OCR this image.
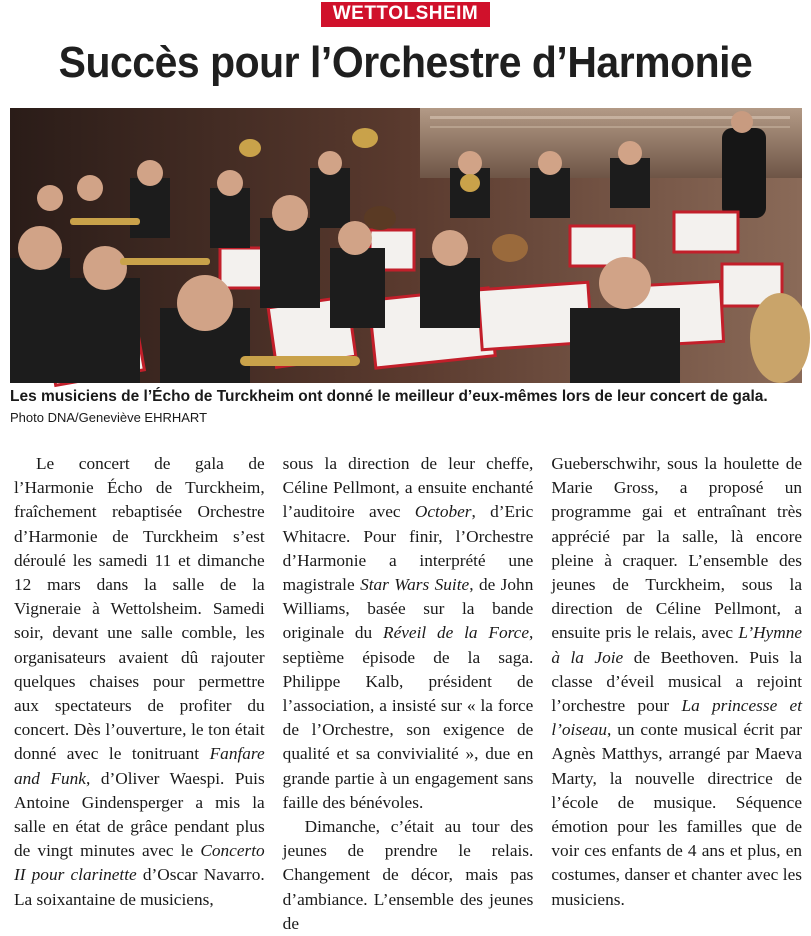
WETTOLSHEIM
Succès pour l’Orchestre d’Harmonie
Les musiciens de l’Écho de Turckheim ont donné le meilleur d’eux-mêmes lors de leur concert de gala. Photo DNA/Geneviève EHRHART

Le concert de gala de l’Harmonie Écho de Turckheim, fraîchement rebaptisée Orchestre d’Harmonie de Turckheim s’est déroulé les samedi 11 et dimanche 12 mars dans la salle de la Vigneraie à Wettolsheim. Samedi soir, devant une salle comble, les organisateurs avaient dû rajouter quelques chaises pour permettre aux spectateurs de profiter du concert. Dès l’ouverture, le ton était donné avec le tonitruant Fanfare and Funk, d’Oliver Waespi. Puis Antoine Gindensperger a mis la salle en état de grâce pendant plus de vingt minutes avec le Concerto II pour clarinette d’Oscar Navarro. La soixantaine de musiciens,

sous la direction de leur cheffe, Céline Pellmont, a ensuite enchanté l’auditoire avec October, d’Eric Whitacre. Pour finir, l’Orchestre d’Harmonie a interprété une magistrale Star Wars Suite, de John Williams, basée sur la bande originale du Réveil de la Force, septième épisode de la saga. Philippe Kalb, président de l’association, a insisté sur « la force de l’Orchestre, son exigence de qualité et sa convivialité », due en grande partie à un engagement sans faille des bénévoles.

Dimanche, c’était au tour des jeunes de prendre le relais. Changement de décor, mais pas d’ambiance. L’ensemble des jeunes de

Gueberschwihr, sous la houlette de Marie Gross, a proposé un programme gai et entraînant très apprécié par la salle, là encore pleine à craquer. L’ensemble des jeunes de Turckheim, sous la direction de Céline Pellmont, a ensuite pris le relais, avec L’Hymne à la Joie de Beethoven. Puis la classe d’éveil musical a rejoint l’orchestre pour La princesse et l’oiseau, un conte musical écrit par Agnès Matthys, arrangé par Maeva Marty, la nouvelle directrice de l’école de musique. Séquence émotion pour les familles que de voir ces enfants de 4 ans et plus, en costumes, danser et chanter avec les musiciens.
